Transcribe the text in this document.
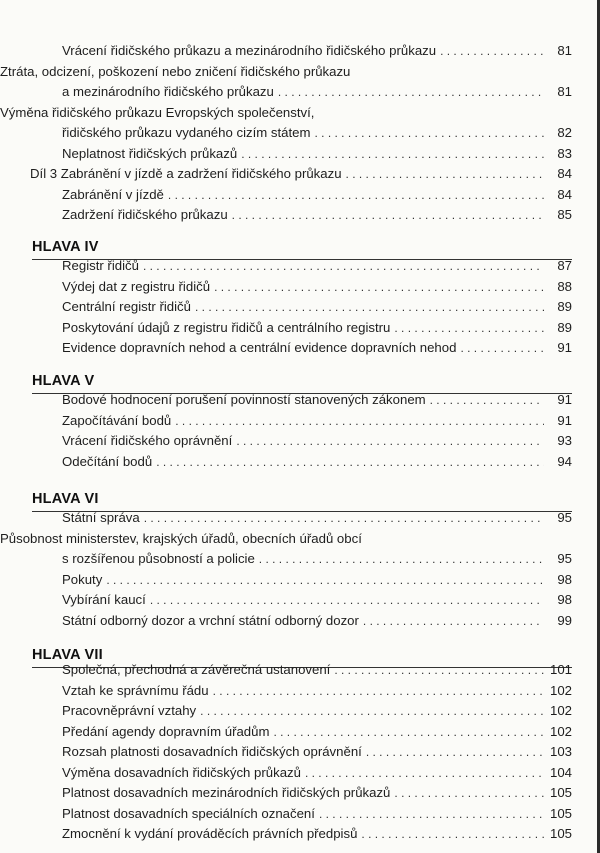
Vrácení řidičského průkazu a mezinárodního řidičského průkazu . . .	81
Ztráta, odcizení, poškození nebo zničení řidičského průkazu
a mezinárodního řidičského průkazu . . .	81
Výměna řidičského průkazu Evropských společenství,
řidičského průkazu vydaného cizím státem . . .	82
Neplatnost řidičských průkazů . . .	83
Díl 3 Zabránění v jízdě a zadržení řidičského průkazu . . .	84
Zabránění v jízdě . . .	84
Zadržení řidičského průkazu . . .	85
HLAVA IV
Registr řidičů . . .	87
Výdej dat z registru řidičů . . .	88
Centrální registr řidičů . . .	89
Poskytování údajů z registru řidičů a centrálního registru . . .	89
Evidence dopravních nehod a centrální evidence dopravních nehod . . .	91
HLAVA V
Bodové hodnocení porušení povinností stanovených zákonem . . .	91
Započítávání bodů . . .	91
Vrácení řidičského oprávnění . . .	93
Odečítání bodů . . .	94
HLAVA VI
Státní správa . . .	95
Působnost ministerstev, krajských úřadů, obecních úřadů obcí
s rozšířenou působností a policie . . .	95
Pokuty . . .	98
Vybírání kaucí . . .	98
Státní odborný dozor a vrchní státní odborný dozor . . .	99
HLAVA VII
Společná, přechodná a závěrečná ustanovení . . .	101
Vztah ke správnímu řádu . . .	102
Pracovněprávní vztahy . . .	102
Předání agendy dopravním úřadům . . .	102
Rozsah platnosti dosavadních řidičských oprávnění . . .	103
Výměna dosavadních řidičských průkazů . . .	104
Platnost dosavadních mezinárodních řidičských průkazů . . .	105
Platnost dosavadních speciálních označení . . .	105
Zmocnění k vydání prováděcích právních předpisů . . .	105
